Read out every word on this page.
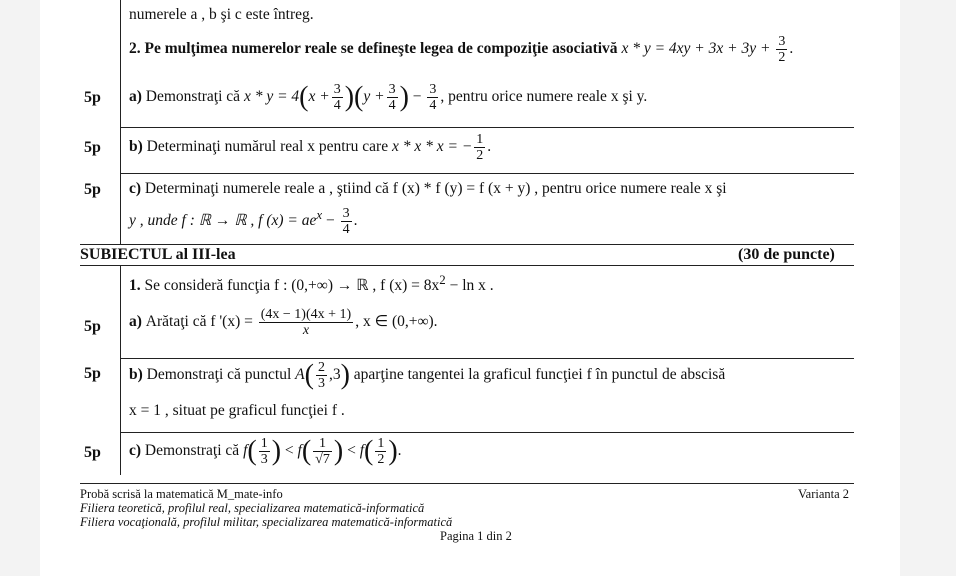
numerele a , b şi c este întreg.
2. Pe mulţimea numerelor reale se defineşte legea de compoziţie asociativă $x * y = 4xy + 3x + 3y + \frac{3}{2}$ .
5p a) Demonstraţi că $x * y = 4(x + \frac{3}{4} )(y + \frac{3}{4}$ ) − $\frac{3}{4}$ , pentru orice numere reale x şi y.
5p b) Determinaţi numărul real x pentru care x * x * x = − $\frac{1}{2}$ .
5p c) Determinaţi numerele reale a , ştiind că f (x) * f (y) = f (x + y) , pentru orice numere reale x şi
y , unde f : ℝ → ℝ , f $(x) = ae^x - \frac{3}{4}$ .
SUBIECTUL al III-lea	(30 de puncte)
1. Se consideră funcţia f : (0,+∞) → ℝ , f $(x) = 8x^2 - \ln x$ .
5p a) Arătaţi că f '$(x) = \frac{(4x - 1)(4x + 1)}{x}$ , x ∈ (0,+∞).
5p b) Demonstraţi că punctul $A( \frac{2}{3} ,3)$ aparţine tangentei la graficul funcţiei f în punctul de abscisă
x = 1 , situat pe graficul funcţiei f .
5p c) Demonstraţi că $f( \frac{1}{3}$ ) < $f( \frac{1}{√7}$ ) < $f( \frac{1}{2}$ ).
Probă scrisă la matematică M_mate-info
Filiera teoretică, profilul real, specializarea matematică-informatică
Filiera vocaţională, profilul militar, specializarea matematică-informatică
Varianta 2
Pagina 1 din 2
